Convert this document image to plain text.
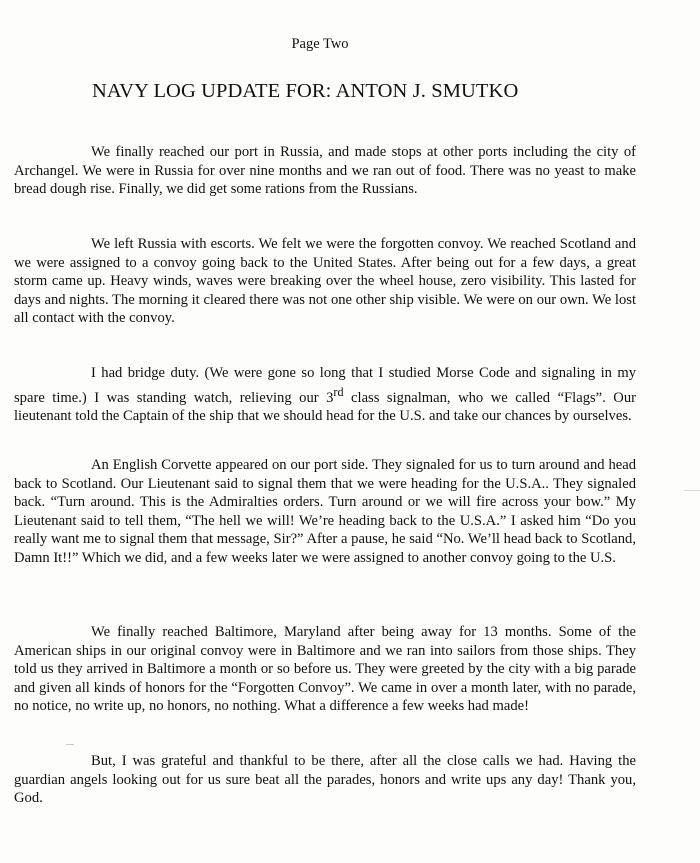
Page Two
NAVY LOG UPDATE FOR: ANTON J. SMUTKO

We finally reached our port in Russia, and made stops at other ports including the city of Archangel. We were in Russia for over nine months and we ran out of food. There was no yeast to make bread dough rise. Finally, we did get some rations from the Russians.

We left Russia with escorts. We felt we were the forgotten convoy. We reached Scotland and we were assigned to a convoy going back to the United States. After being out for a few days, a great storm came up. Heavy winds, waves were breaking over the wheel house, zero visibility. This lasted for days and nights. The morning it cleared there was not one other ship visible. We were on our own. We lost all contact with the convoy.

I had bridge duty. (We were gone so long that I studied Morse Code and signaling in my spare time.) I was standing watch, relieving our 3rd class signalman, who we called “Flags”. Our lieutenant told the Captain of the ship that we should head for the U.S. and take our chances by ourselves.

An English Corvette appeared on our port side. They signaled for us to turn around and head back to Scotland. Our Lieutenant said to signal them that we were heading for the U.S.A.. They signaled back. “Turn around. This is the Admiralties orders. Turn around or we will fire across your bow.” My Lieutenant said to tell them, “The hell we will! We’re heading back to the U.S.A.” I asked him “Do you really want me to signal them that message, Sir?” After a pause, he said “No. We’ll head back to Scotland, Damn It!!” Which we did, and a few weeks later we were assigned to another convoy going to the U.S.

We finally reached Baltimore, Maryland after being away for 13 months. Some of the American ships in our original convoy were in Baltimore and we ran into sailors from those ships. They told us they arrived in Baltimore a month or so before us. They were greeted by the city with a big parade and given all kinds of honors for the “Forgotten Convoy”. We came in over a month later, with no parade, no notice, no write up, no honors, no nothing. What a difference a few weeks had made!

But, I was grateful and thankful to be there, after all the close calls we had. Having the guardian angels looking out for us sure beat all the parades, honors and write ups any day! Thank you, God.
